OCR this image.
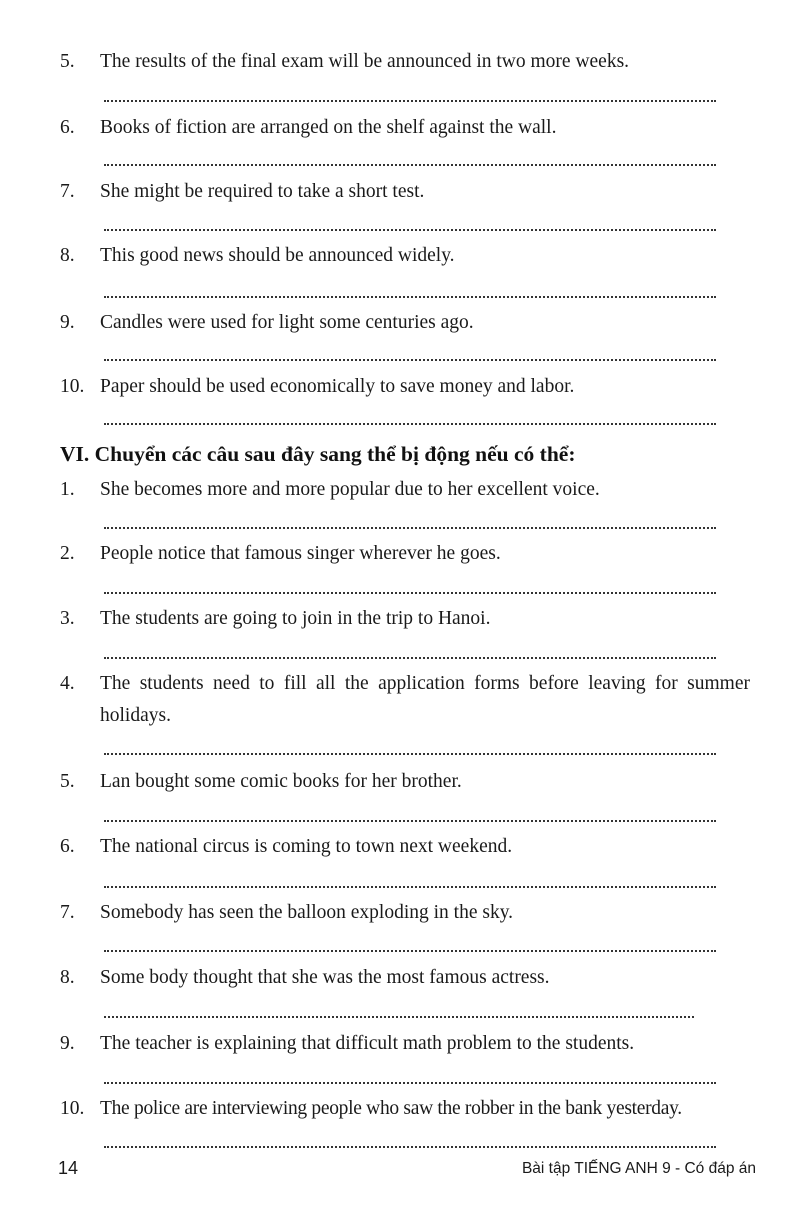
5. The results of the final exam will be announced in two more weeks.
6. Books of fiction are arranged on the shelf against the wall.
7. She might be required to take a short test.
8. This good news should be announced widely.
9. Candles were used for light some centuries ago.
10. Paper should be used economically to save money and labor.
VI. Chuyển các câu sau đây sang thể bị động nếu có thể:
1. She becomes more and more popular due to her excellent voice.
2. People notice that famous singer wherever he goes.
3. The students are going to join in the trip to Hanoi.
4. The students need to fill all the application forms before leaving for summer holidays.
5. Lan bought some comic books for her brother.
6. The national circus is coming to town next weekend.
7. Somebody has seen the balloon exploding in the sky.
8. Some body thought that she was the most famous actress.
9. The teacher is explaining that difficult math problem to the students.
10. The police are interviewing people who saw the robber in the bank yesterday.
14	Bài tập TIẾNG ANH 9 - Có đáp án
